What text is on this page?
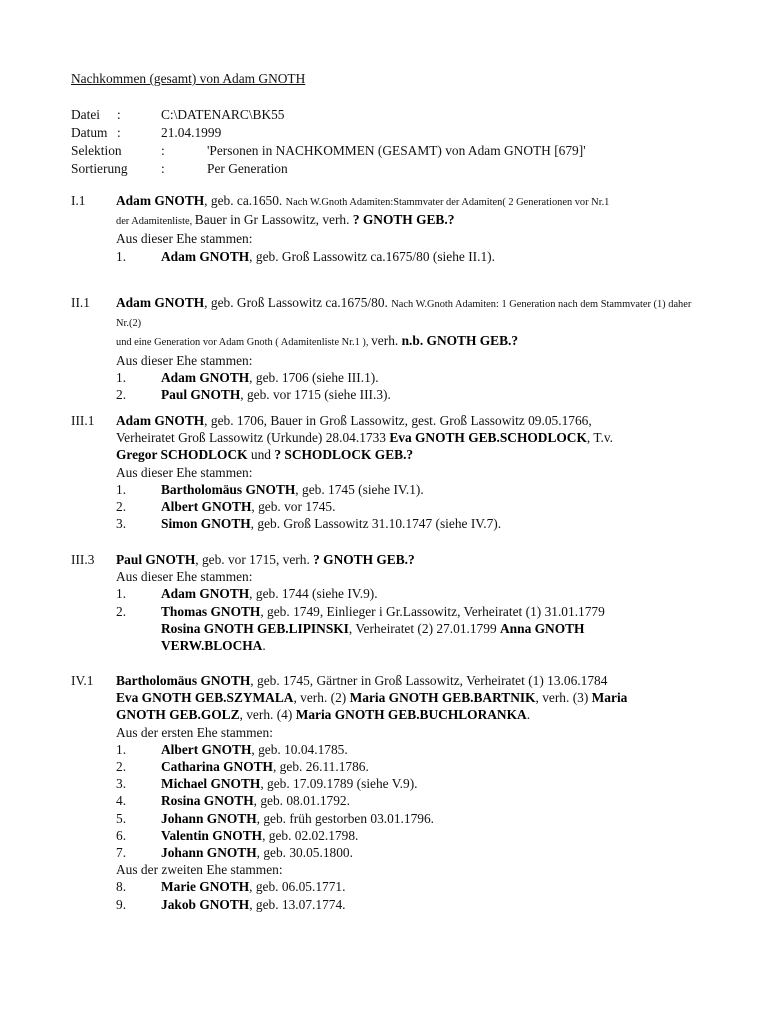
Nachkommen (gesamt) von Adam GNOTH
Datei :	C:\DATENARC\BK55
Datum :	21.04.1999
Selektion	:	'Personen in NACHKOMMEN (GESAMT) von Adam GNOTH [679]'
Sortierung :	Per Generation
I.1 Adam GNOTH, geb. ca.1650. Nach W.Gnoth Adamiten:Stammvater der Adamiten( 2 Generationen vor Nr.1

der Adamitenliste, Bauer in Gr Lassowitz, verh. ? GNOTH GEB.?

Aus dieser Ehe stammen:

1.	Adam GNOTH, geb. Groß Lassowitz ca.1675/80 (siehe II.1).
II.1 Adam GNOTH, geb. Groß Lassowitz ca.1675/80. Nach W.Gnoth Adamiten: 1 Generation nach dem Stammvater (1) daher Nr.(2)

und eine Generation vor Adam Gnoth ( Adamitenliste Nr.1 ), verh. n.b. GNOTH GEB.?

Aus dieser Ehe stammen:

1.	Adam GNOTH, geb. 1706 (siehe III.1).
2.	Paul GNOTH, geb. vor 1715 (siehe III.3).
III.1 Adam GNOTH, geb. 1706, Bauer in Groß Lassowitz, gest. Groß Lassowitz 09.05.1766,

Verheiratet Groß Lassowitz (Urkunde) 28.04.1733 Eva GNOTH GEB.SCHODLOCK, T.v.

Gregor SCHODLOCK und ? SCHODLOCK GEB.?

Aus dieser Ehe stammen:

1.	Bartholomäus GNOTH, geb. 1745 (siehe IV.1).
2.	Albert GNOTH, geb. vor 1745.
3.	Simon GNOTH, geb. Groß Lassowitz 31.10.1747 (siehe IV.7).
III.3 Paul GNOTH, geb. vor 1715, verh. ? GNOTH GEB.?

Aus dieser Ehe stammen:

1.	Adam GNOTH, geb. 1744 (siehe IV.9).
2.	Thomas GNOTH, geb. 1749, Einlieger i Gr.Lassowitz, Verheiratet (1) 31.01.1779
Rosina GNOTH GEB.LIPINSKI, Verheiratet (2) 27.01.1799 Anna GNOTH
VERW.BLOCHA.
IV.1 Bartholomäus GNOTH, geb. 1745, Gärtner in Groß Lassowitz, Verheiratet (1) 13.06.1784

Eva GNOTH GEB.SZYMALA, verh. (2) Maria GNOTH GEB.BARTNIK, verh. (3) Maria

GNOTH GEB.GOLZ, verh. (4) Maria GNOTH GEB.BUCHLORANKA.

Aus der ersten Ehe stammen:

1.	Albert GNOTH, geb. 10.04.1785.
2.	Catharina GNOTH, geb. 26.11.1786.
3.	Michael GNOTH, geb. 17.09.1789 (siehe V.9).
4.	Rosina GNOTH, geb. 08.01.1792.
5.	Johann GNOTH, geb. früh gestorben 03.01.1796.
6.	Valentin GNOTH, geb. 02.02.1798.
7.	Johann GNOTH, geb. 30.05.1800.

Aus der zweiten Ehe stammen:

8.	Marie GNOTH, geb. 06.05.1771.
9.	Jakob GNOTH, geb. 13.07.1774.
